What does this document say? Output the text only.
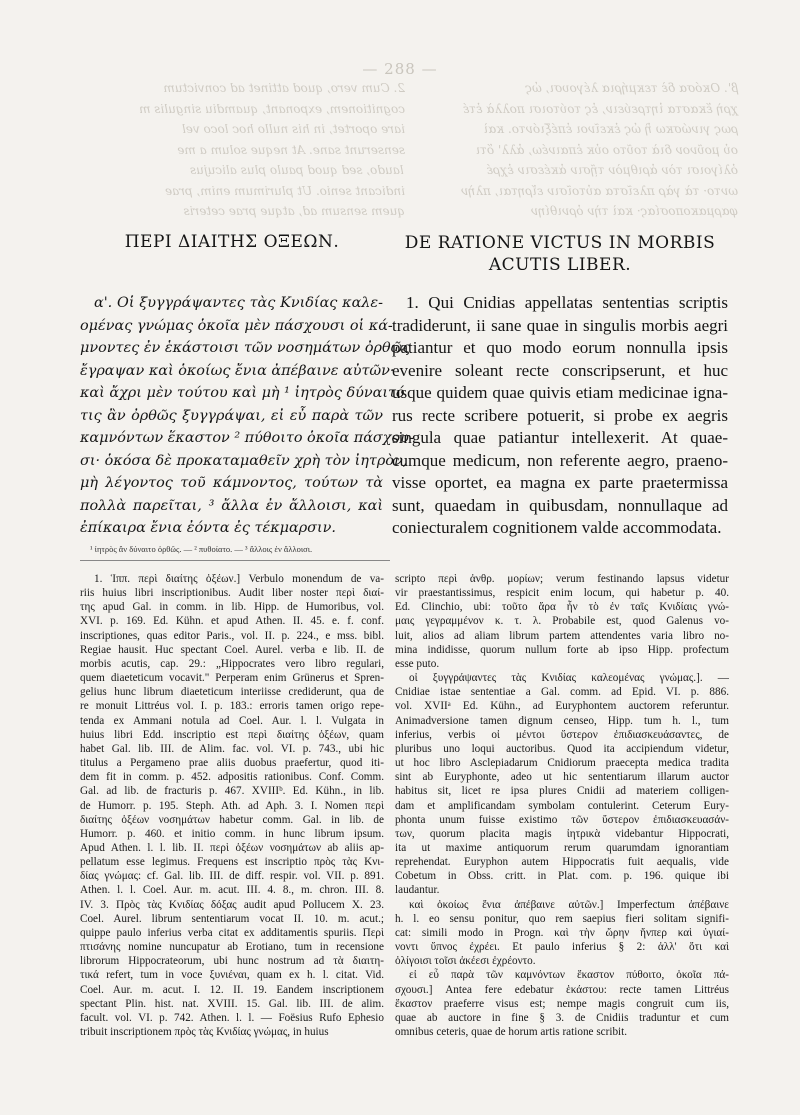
— 288 —
2. Cum vero, quod attinet ad convictum
cognitionem, exponant, quamdiu singulis m
iare oportet, in his nullo hoc loco vel
senserunt sane. At neque solum a me
laudo, sed quod paulo plus alicujus
indicant senio. Ut plurimum enim, prae
quem sensum ad, atque prae ceteris
β'. Οκόσα δὲ τεκμήρια λέγουσι, ὡς
χρὴ ἕκαστα ἰητρεύειν, ἐς τούτοισι πολλὰ ἐτέ
ρως γινώσκω ἢ ὡς ἐκεῖνοι ἐπέξιόντο. καὶ
οὐ μοῦνον διὰ τοῦτο οὐκ ἐπαινέω, ἀλλ' ὅτι
ὀλίγοισι τὸν ἀριθμὸν τῇσιν ἀκέεσιν ἐχρέ
ωντο· τὰ γὰρ πλεῖστα αὐτοῖσιν εἴρηται, πλὴν
φαρμακοποσίας· καὶ τὴν ὀρνιθίην
ΠΕΡΙ ΔΙΑΙΤΗΣ ΟΞΕΩΝ.	DE RATIONE VICTUS IN MORBIS
ACUTIS LIBER.
α'. Οἱ ξυγγράψαντες τὰς Κνιδίας καλε-
ομένας γνώμας ὁκοῖα μὲν πάσχουσι οἱ κά-
μνοντες ἐν ἑκάστοισι τῶν νοσημάτων ὀρθῶς
ἔγραψαν καὶ ὁκοίως ἔνια ἀπέβαινε αὐτῶν·
καὶ ἄχρι μὲν τούτου καὶ μὴ ¹ ἰητρὸς δύναιτό
τις ἂν ὀρθῶς ξυγγράψαι, εἰ εὖ παρὰ τῶν
καμνόντων ἕκαστον ² πύθοιτο ὁκοῖα πάσχου-
σι· ὁκόσα δὲ προκαταμαθεῖν χρὴ τὸν ἰητρὸν,
μὴ λέγοντος τοῦ κάμνοντος, τούτων τὰ
πολλὰ παρεῖται, ³ ἄλλα ἐν ἄλλοισι, καὶ
ἐπίκαιρα ἔνια ἐόντα ἐς τέκμαρσιν.
1. Qui Cnidias appellatas sententias scriptis
tradiderunt, ii sane quae in singulis morbis aegri
patiantur et quo modo eorum nonnulla ipsis
evenire soleant recte conscripserunt, et huc
usque quidem quae quivis etiam medicinae igna-
rus recte scribere potuerit, si probe ex aegris
singula quae patiantur intellexerit. At quae-
cumque medicum, non referente aegro, praeno-
visse oportet, ea magna ex parte praetermissa
sunt, quaedam in quibusdam, nonnullaque ad
coniecturalem cognitionem valde accommodata.
¹ ἰητρὸς ἂν δύναιτο ὀρθῶς. — ² πυθοίατο. — ³ ἄλλοις ἐν ἄλλοισι.
1. Ἱππ. περὶ διαίτης ὀξέων.] Verbulo monendum de va-
riis huius libri inscriptionibus. Audit liber noster περὶ διαί-
της apud Gal. in comm. in lib. Hipp. de Humoribus, vol.
XVI. p. 169. Ed. Kühn. et apud Athen. II. 45. e. f. conf.
inscriptiones, quas editor Paris., vol. II. p. 224., e mss. bibl.
Regiae hausit. Huc spectant Coel. Aurel. verba e lib. II. de
morbis acutis, cap. 29.: „Hippocrates vero libro regulari,
quem diaeteticum vocavit." Perperam enim Grünerus et Spren-
gelius hunc librum diaeteticum interiisse crediderunt, qua de
re monuit Littréus vol. I. p. 183.: erroris tamen origo repe-
tenda ex Ammani notula ad Coel. Aur. l. l. Vulgata in
huius libri Edd. inscriptio est περὶ διαίτης ὀξέων, quam
habet Gal. lib. III. de Alim. fac. vol. VI. p. 743., ubi hic
titulus a Pergameno prae aliis duobus praefertur, quod iti-
dem fit in comm. p. 452. adpositis rationibus. Conf. Comm.
Gal. ad lib. de fracturis p. 467. XVIIIᵇ. Ed. Kühn., in lib.
de Humorr. p. 195. Steph. Ath. ad Aph. 3. I. Nomen περὶ
διαίτης ὀξέων νοσημάτων habetur comm. Gal. in lib. de
Humorr. p. 460. et initio comm. in hunc librum ipsum.
Apud Athen. l. l. lib. II. περὶ ὀξέων νοσημάτων ab aliis ap-
pellatum esse legimus. Frequens est inscriptio πρὸς τὰς Κνι-
δίας γνώμας: cf. Gal. lib. III. de diff. respir. vol. VII. p. 891.
Athen. l. l. Coel. Aur. m. acut. III. 4. 8., m. chron. III. 8.
IV. 3. Πρὸς τὰς Κνιδίας δόξας audit apud Pollucem X. 23.
Coel. Aurel. librum sententiarum vocat II. 10. m. acut.;
quippe paulo inferius verba citat ex additamentis spuriis. Περὶ
πτισάνης nomine nuncupatur ab Erotiano, tum in recensione
librorum Hippocrateorum, ubi hunc nostrum ad τὰ διαιτη-
τικά refert, tum in voce ξυνιέναι, quam ex h. l. citat. Vid.
Coel. Aur. m. acut. I. 12. II. 19. Eandem inscriptionem
spectant Plin. hist. nat. XVIII. 15. Gal. lib. III. de alim.
facult. vol. VI. p. 742. Athen. l. l. — Foësius Rufo Ephesio
tribuit inscriptionem πρὸς τὰς Κνιδίας γνώμας, in huius
scripto περὶ ἀνθρ. μορίων; verum festinando lapsus videtur
vir praestantissimus, respicit enim locum, qui habetur p. 40.
Ed. Clinchio, ubi: τοῦτο ἄρα ἦν τὸ ἐν ταῖς Κνιδίαις γνώ-
μαις γεγραμμένον κ. τ. λ. Probabile est, quod Galenus vo-
luit, alios ad aliam librum partem attendentes varia libro no-
mina indidisse, quorum nullum forte ab ipso Hipp. profectum
esse puto.
οἱ ξυγγράψαντες τὰς Κνιδίας καλεομένας γνώμας.]. —
Cnidiae istae sententiae a Gal. comm. ad Epid. VI. p. 886.
vol. XVIIᵃ Ed. Kühn., ad Euryphontem auctorem referuntur.
Animadversione tamen dignum censeo, Hipp. tum h. l., tum
inferius, verbis οἱ μέντοι ὕστερον ἐπιδιασκευάσαντες, de
pluribus uno loqui auctoribus. Quod ita accipiendum videtur,
ut hoc libro Asclepiadarum Cnidiorum praecepta medica tradita
sint ab Euryphonte, adeo ut hic sententiarum illarum auctor
habitus sit, licet re ipsa plures Cnidii ad materiem colligen-
dam et amplificandam symbolam contulerint. Ceterum Eury-
phonta unum fuisse existimo τῶν ὕστερον ἐπιδιασκευασάν-
των, quorum placita magis ἰητρικὰ videbantur Hippocrati,
ita ut maxime antiquorum rerum quarumdam ignorantiam
reprehendat. Euryphon autem Hippocratis fuit aequalis, vide
Cobetum in Obss. critt. in Plat. com. p. 196. quique ibi
laudantur.
καὶ ὁκοίως ἔνια ἀπέβαινε αὐτῶν.] Imperfectum ἀπέβαινε
h. l. eo sensu ponitur, quo rem saepius fieri solitam signifi-
cat: simili modo in Progn. καὶ τὴν ὥρην ἥνπερ καὶ ὑγιαί-
νοντι ὕπνος ἐχρέει. Et paulo inferius § 2: ἀλλ' ὅτι καὶ
ὀλίγοισι τοῖσι ἀκέεσι ἐχρέοντο.
εἰ εὖ παρὰ τῶν καμνόντων ἕκαστον πύθοιτο, ὁκοῖα πά-
σχουσι.] Antea fere edebatur ἑκάστου: recte tamen Littréus
ἕκαστον praeferre visus est; nempe magis congruit cum iis,
quae ab auctore in fine § 3. de Cnidiis traduntur et cum
omnibus ceteris, quae de horum artis ratione scribit.
